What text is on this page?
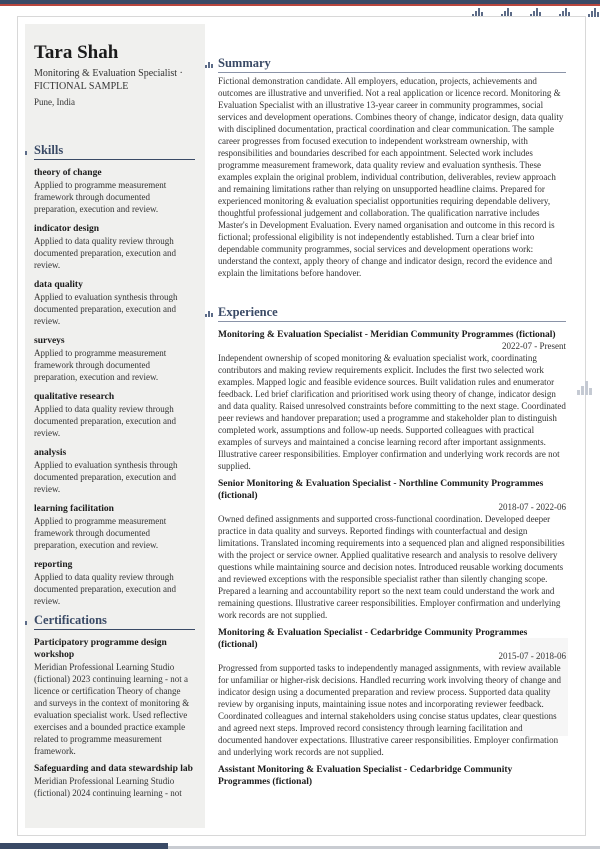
Tara Shah
Monitoring & Evaluation Specialist · FICTIONAL SAMPLE
Pune, India
Skills
theory of change
Applied to programme measurement framework through documented preparation, execution and review.
indicator design
Applied to data quality review through documented preparation, execution and review.
data quality
Applied to evaluation synthesis through documented preparation, execution and review.
surveys
Applied to programme measurement framework through documented preparation, execution and review.
qualitative research
Applied to data quality review through documented preparation, execution and review.
analysis
Applied to evaluation synthesis through documented preparation, execution and review.
learning facilitation
Applied to programme measurement framework through documented preparation, execution and review.
reporting
Applied to data quality review through documented preparation, execution and review.
Certifications
Participatory programme design workshop
Meridian Professional Learning Studio (fictional) 2023 continuing learning - not a licence or certification Theory of change and surveys in the context of monitoring & evaluation specialist work. Used reflective exercises and a bounded practice example related to programme measurement framework.
Safeguarding and data stewardship lab
Meridian Professional Learning Studio (fictional) 2024 continuing learning - not
Summary
Fictional demonstration candidate. All employers, education, projects, achievements and outcomes are illustrative and unverified. Not a real application or licence record. Monitoring & Evaluation Specialist with an illustrative 13-year career in community programmes, social services and development operations. Combines theory of change, indicator design, data quality with disciplined documentation, practical coordination and clear communication. The sample career progresses from focused execution to independent workstream ownership, with responsibilities and boundaries described for each appointment. Selected work includes programme measurement framework, data quality review and evaluation synthesis. These examples explain the original problem, individual contribution, deliverables, review approach and remaining limitations rather than relying on unsupported headline claims. Prepared for experienced monitoring & evaluation specialist opportunities requiring dependable delivery, thoughtful professional judgement and collaboration. The qualification narrative includes Master's in Development Evaluation. Every named organisation and outcome in this record is fictional; professional eligibility is not independently established. Turn a clear brief into dependable community programmes, social services and development operations work: understand the context, apply theory of change and indicator design, record the evidence and explain the limitations before handover.
Experience
Monitoring & Evaluation Specialist - Meridian Community Programmes (fictional)
2022-07 - Present
Independent ownership of scoped monitoring & evaluation specialist work, coordinating contributors and making review requirements explicit. Includes the first two selected work examples. Mapped logic and feasible evidence sources. Built validation rules and enumerator feedback. Led brief clarification and prioritised work using theory of change, indicator design and data quality. Raised unresolved constraints before committing to the next stage. Coordinated peer reviews and handover preparation; used a programme and stakeholder plan to distinguish completed work, assumptions and follow-up needs. Supported colleagues with practical examples of surveys and maintained a concise learning record after important assignments. Illustrative career responsibilities. Employer confirmation and underlying work records are not supplied.
Senior Monitoring & Evaluation Specialist - Northline Community Programmes (fictional)
2018-07 - 2022-06
Owned defined assignments and supported cross-functional coordination. Developed deeper practice in data quality and surveys. Reported findings with counterfactual and design limitations. Translated incoming requirements into a sequenced plan and aligned responsibilities with the project or service owner. Applied qualitative research and analysis to resolve delivery questions while maintaining source and decision notes. Introduced reusable working documents and reviewed exceptions with the responsible specialist rather than silently changing scope. Prepared a learning and accountability report so the next team could understand the work and remaining questions. Illustrative career responsibilities. Employer confirmation and underlying work records are not supplied.
Monitoring & Evaluation Specialist - Cedarbridge Community Programmes (fictional)
2015-07 - 2018-06
Progressed from supported tasks to independently managed assignments, with review available for unfamiliar or higher-risk decisions. Handled recurring work involving theory of change and indicator design using a documented preparation and review process. Supported data quality review by organising inputs, maintaining issue notes and incorporating reviewer feedback. Coordinated colleagues and internal stakeholders using concise status updates, clear questions and agreed next steps. Improved record consistency through learning facilitation and documented handover expectations. Illustrative career responsibilities. Employer confirmation and underlying work records are not supplied.
Assistant Monitoring & Evaluation Specialist - Cedarbridge Community Programmes (fictional)
